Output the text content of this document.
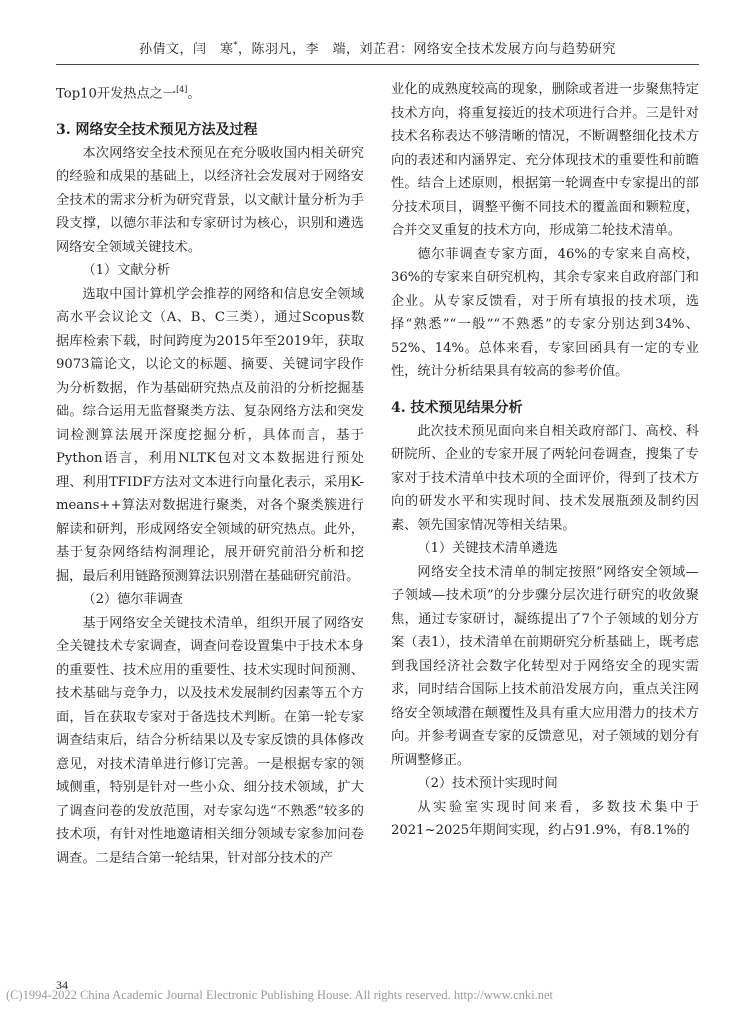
孙倩文，闫　寒*，陈羽凡，李　端，刘芷君：网络安全技术发展方向与趋势研究

Top10开发热点之一[4]。

3. 网络安全技术预见方法及过程

本次网络安全技术预见在充分吸收国内相关研究的经验和成果的基础上，以经济社会发展对于网络安全技术的需求分析为研究背景，以文献计量分析为手段支撑，以德尔菲法和专家研讨为核心，识别和遴选网络安全领域关键技术。

（1）文献分析

选取中国计算机学会推荐的网络和信息安全领域高水平会议论文（A、B、C三类），通过Scopus数据库检索下载，时间跨度为2015年至2019年，获取9073篇论文，以论文的标题、摘要、关键词字段作为分析数据，作为基础研究热点及前沿的分析挖掘基础。综合运用无监督聚类方法、复杂网络方法和突发词检测算法展开深度挖掘分析，具体而言，基于Python语言，利用NLTK包对文本数据进行预处理、利用TFIDF方法对文本进行向量化表示，采用K-means++算法对数据进行聚类，对各个聚类簇进行解读和研判，形成网络安全领域的研究热点。此外，基于复杂网络结构洞理论，展开研究前沿分析和挖掘，最后利用链路预测算法识别潜在基础研究前沿。

（2）德尔菲调查

基于网络安全关键技术清单，组织开展了网络安全关键技术专家调查，调查问卷设置集中于技术本身的重要性、技术应用的重要性、技术实现时间预测、技术基础与竞争力，以及技术发展制约因素等五个方面，旨在获取专家对于备选技术判断。在第一轮专家调查结束后，结合分析结果以及专家反馈的具体修改意见，对技术清单进行修订完善。一是根据专家的领域侧重，特别是针对一些小众、细分技术领域，扩大了调查问卷的发放范围，对专家勾选“不熟悉”较多的技术项，有针对性地邀请相关细分领域专家参加问卷调查。二是结合第一轮结果，针对部分技术的产

业化的成熟度较高的现象，删除或者进一步聚焦特定技术方向，将重复接近的技术项进行合并。三是针对技术名称表达不够清晰的情况，不断调整细化技术方向的表述和内涵界定、充分体现技术的重要性和前瞻性。结合上述原则，根据第一轮调查中专家提出的部分技术项目，调整平衡不同技术的覆盖面和颗粒度，合并交叉重复的技术方向，形成第二轮技术清单。

德尔菲调查专家方面，46%的专家来自高校，36%的专家来自研究机构，其余专家来自政府部门和企业。从专家反馈看，对于所有填报的技术项，选择“熟悉”“一般”“不熟悉”的专家分别达到34%、52%、14%。总体来看，专家回函具有一定的专业性，统计分析结果具有较高的参考价值。

4. 技术预见结果分析

此次技术预见面向来自相关政府部门、高校、科研院所、企业的专家开展了两轮问卷调查，搜集了专家对于技术清单中技术项的全面评价，得到了技术方向的研发水平和实现时间、技术发展瓶颈及制约因素、领先国家情况等相关结果。

（1）关键技术清单遴选

网络安全技术清单的制定按照“网络安全领域—子领域—技术项”的分步骤分层次进行研究的收敛聚焦，通过专家研讨，凝练提出了7个子领域的划分方案（表1），技术清单在前期研究分析基础上，既考虑到我国经济社会数字化转型对于网络安全的现实需求，同时结合国际上技术前沿发展方向，重点关注网络安全领域潜在颠覆性及具有重大应用潜力的技术方向。并参考调查专家的反馈意见，对子领域的划分有所调整修正。

（2）技术预计实现时间

从实验室实现时间来看，多数技术集中于2021~2025年期间实现，约占91.9%，有8.1%的

34
(C)1994-2022 China Academic Journal Electronic Publishing House. All rights reserved. http://www.cnki.net
